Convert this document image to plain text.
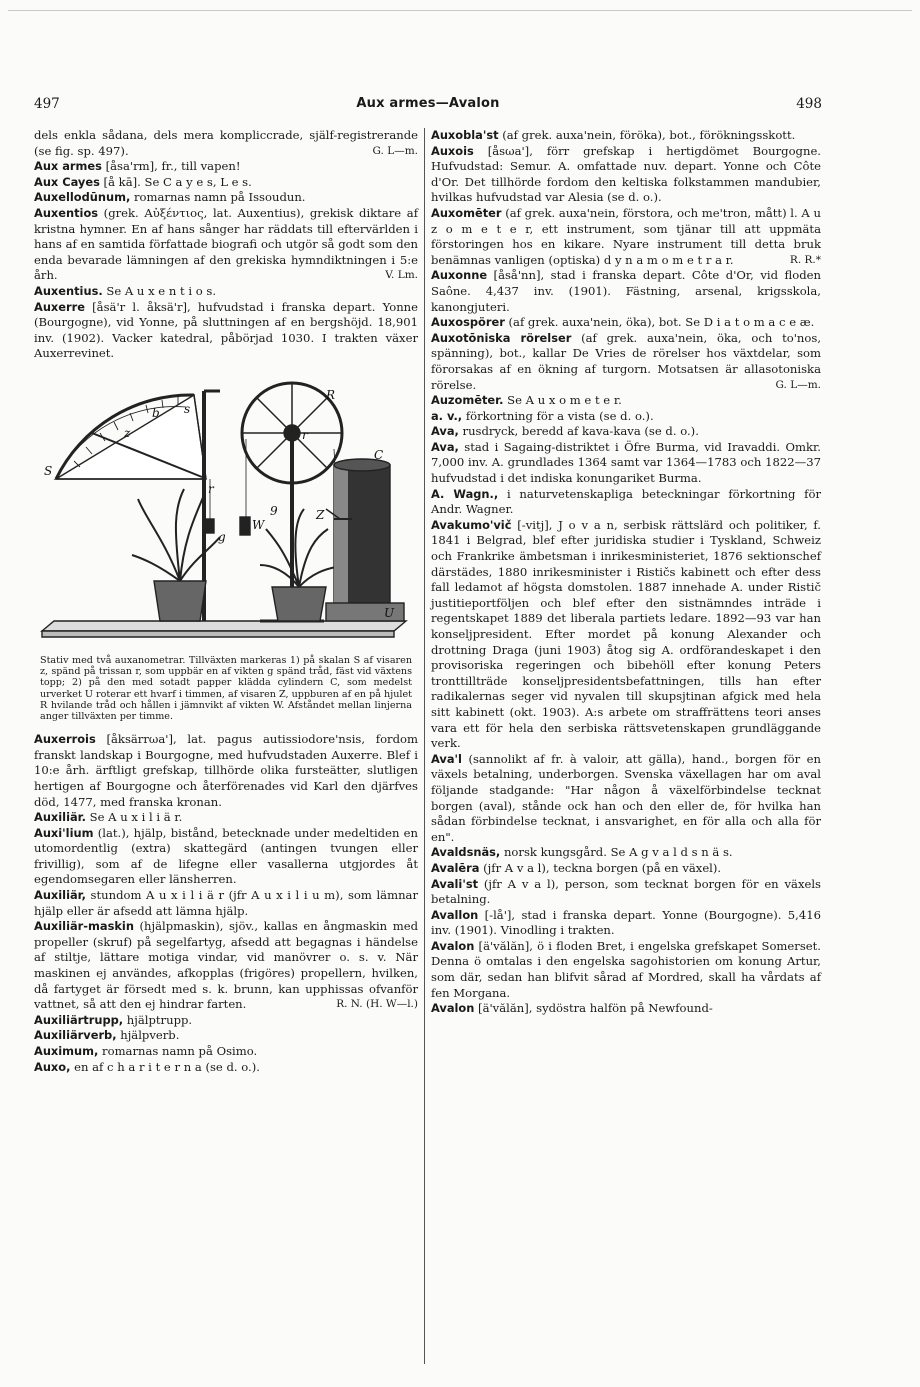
497	Aux armes—Avalon	498

dels enkla sådana, dels mera kompliccrade, själf-registrerande (se fig. sp. 497).	G. L—m.

Aux armes [åsa'rm], fr., till vapen!

Aux Cayes [å kā]. Se C a y e s, L e s.

Auxellodūnum, romarnas namn på Issoudun.

Auxentios (grek. Αὐξέντιος, lat. Auxentius), grekisk diktare af kristna hymner. En af hans sånger har räddats till eftervärlden i hans af en samtida författade biografi och utgör så godt som den enda bevarade lämningen af den grekiska hymndiktningen i 5:e årh.	V. Lm.

Auxentius. Se A u x e n t i o s.

Auxerre [åsä'r l. åksä'r], hufvudstad i franska depart. Yonne (Bourgogne), vid Yonne, på sluttningen af en bergshöjd. 18,901 inv. (1902). Vacker katedral, påbörjad 1030. I trakten växer Auxerrevinet.

S
z
s
b
r
g
W
9	Z
R
r
C
U
Stativ med två auxanometrar. Tillväxten markeras 1) på skalan S af visaren z, spänd på trissan r, som uppbär en af vikten g spänd tråd, fäst vid växtens topp; 2) på den med sotadt papper klädda cylindern C, som medelst urverket U roterar ett hvarf i timmen, af visaren Z, uppburen af en på hjulet R hvilande tråd och hållen i jämnvikt af vikten W. Afståndet mellan linjerna anger tillväxten per timme.

Auxerrois [åksärrωa'], lat. pagus autissiodore'nsis, fordom franskt landskap i Bourgogne, med hufvudstaden Auxerre. Blef i 10:e årh. ärftligt grefskap, tillhörde olika fursteätter, slutligen hertigen af Bourgogne och återförenades vid Karl den djärfves död, 1477, med franska kronan.

Auxiliär. Se A u x i l i ä r.

Auxi'lium (lat.), hjälp, bistånd, betecknade under medeltiden en utomordentlig (extra) skattegärd (antingen tvungen eller frivillig), som af de lifegne eller vasallerna utgjordes åt egendomsegaren eller länsherren.

Auxiliär, stundom A u x i l i ä r (jfr A u x i l i u m), som lämnar hjälp eller är afsedd att lämna hjälp.

Auxiliär-maskin (hjälpmaskin), sjöv., kallas en ångmaskin med propeller (skruf) på segelfartyg, afsedd att begagnas i händelse af stiltje, lättare motiga vindar, vid manövrer o. s. v. När maskinen ej användes, afkopplas (frigöres) propellern, hvilken, då fartyget är försedt med s. k. brunn, kan upphissas ofvanför vattnet, så att den ej hindrar farten.	R. N. (H. W—l.)

Auxiliärtrupp, hjälptrupp.

Auxiliärverb, hjälpverb.

Auximum, romarnas namn på Osimo.

Auxo, en af c h a r i t e r n a (se d. o.).

Auxobla'st (af grek. auxa'nein, föröka), bot., förökningsskott.

Auxois [åsωa'], förr grefskap i hertigdömet Bourgogne. Hufvudstad: Semur. A. omfattade nuv. depart. Yonne och Côte d'Or. Det tillhörde fordom den keltiska folkstammen mandubier, hvilkas hufvudstad var Alesia (se d. o.).

Auxomēter (af grek. auxa'nein, förstora, och me'tron, mått) l. A u z o m e t e r, ett instrument, som tjänar till att uppmäta förstoringen hos en kikare. Nyare instrument till detta bruk benämnas vanligen (optiska) d y n a m o m e t r a r.	R. R.*

Auxonne [åså'nn], stad i franska depart. Côte d'Or, vid floden Saône. 4,437 inv. (1901). Fästning, arsenal, krigsskola, kanongjuteri.

Auxospörer (af grek. auxa'nein, öka), bot. Se D i a t o m a c e æ.

Auxotōniska rörelser (af grek. auxa'nein, öka, och to'nos, spänning), bot., kallar De Vries de rörelser hos växtdelar, som förorsakas af en ökning af turgorn. Motsatsen är allasotoniska rörelse.	G. L—m.

Auzomēter. Se A u x o m e t e r.

a. v., förkortning för a vista (se d. o.).

Ava, rusdryck, beredd af kava-kava (se d. o.).

Ava, stad i Sagaing-distriktet i Öfre Burma, vid Iravaddi. Omkr. 7,000 inv. A. grundlades 1364 samt var 1364—1783 och 1822—37 hufvudstad i det indiska konungariket Burma.

A. Wagn., i naturvetenskapliga beteckningar förkortning för Andr. Wagner.

Avakumo'vič [-vitj], J o v a n, serbisk rättslärd och politiker, f. 1841 i Belgrad, blef efter juridiska studier i Tyskland, Schweiz och Frankrike ämbetsman i inrikesministeriet, 1876 sektionschef därstädes, 1880 inrikesminister i Rističs kabinett och efter dess fall ledamot af högsta domstolen. 1887 innehade A. under Ristič justitieportföljen och blef efter den sistnämndes inträde i regentskapet 1889 det liberala partiets ledare. 1892—93 var han konseljpresident. Efter mordet på konung Alexander och drottning Draga (juni 1903) åtog sig A. ordförandeskapet i den provisoriska regeringen och bibehöll efter konung Peters tronttillträde konseljpresidentsbefattningen, tills han efter radikalernas seger vid nyvalen till skupsjtinan afgick med hela sitt kabinett (okt. 1903). A:s arbete om straffrättens teori anses vara ett för hela den serbiska rättsvetenskapen grundläggande verk.

Ava'l (sannolikt af fr. à valoir, att gälla), hand., borgen för en växels betalning, underborgen. Svenska växellagen har om aval följande stadgande: "Har någon å växelförbindelse tecknat borgen (aval), stånde ock han och den eller de, för hvilka han sådan förbindelse tecknat, i ansvarighet, en för alla och alla för en".

Avaldsnäs, norsk kungsgård. Se A g v a l d s n ä s.

Avalēra (jfr A v a l), teckna borgen (på en växel).

Avali'st (jfr A v a l), person, som tecknat borgen för en växels betalning.

Avallon [-lå'], stad i franska depart. Yonne (Bourgogne). 5,416 inv. (1901). Vinodling i trakten.

Avalon [ä'vălăn], ö i floden Bret, i engelska grefskapet Somerset. Denna ö omtalas i den engelska sagohistorien om konung Artur, som där, sedan han blifvit sårad af Mordred, skall ha vårdats af fen Morgana.

Avalon [ä'vălăn], sydöstra halfön på Newfound-
